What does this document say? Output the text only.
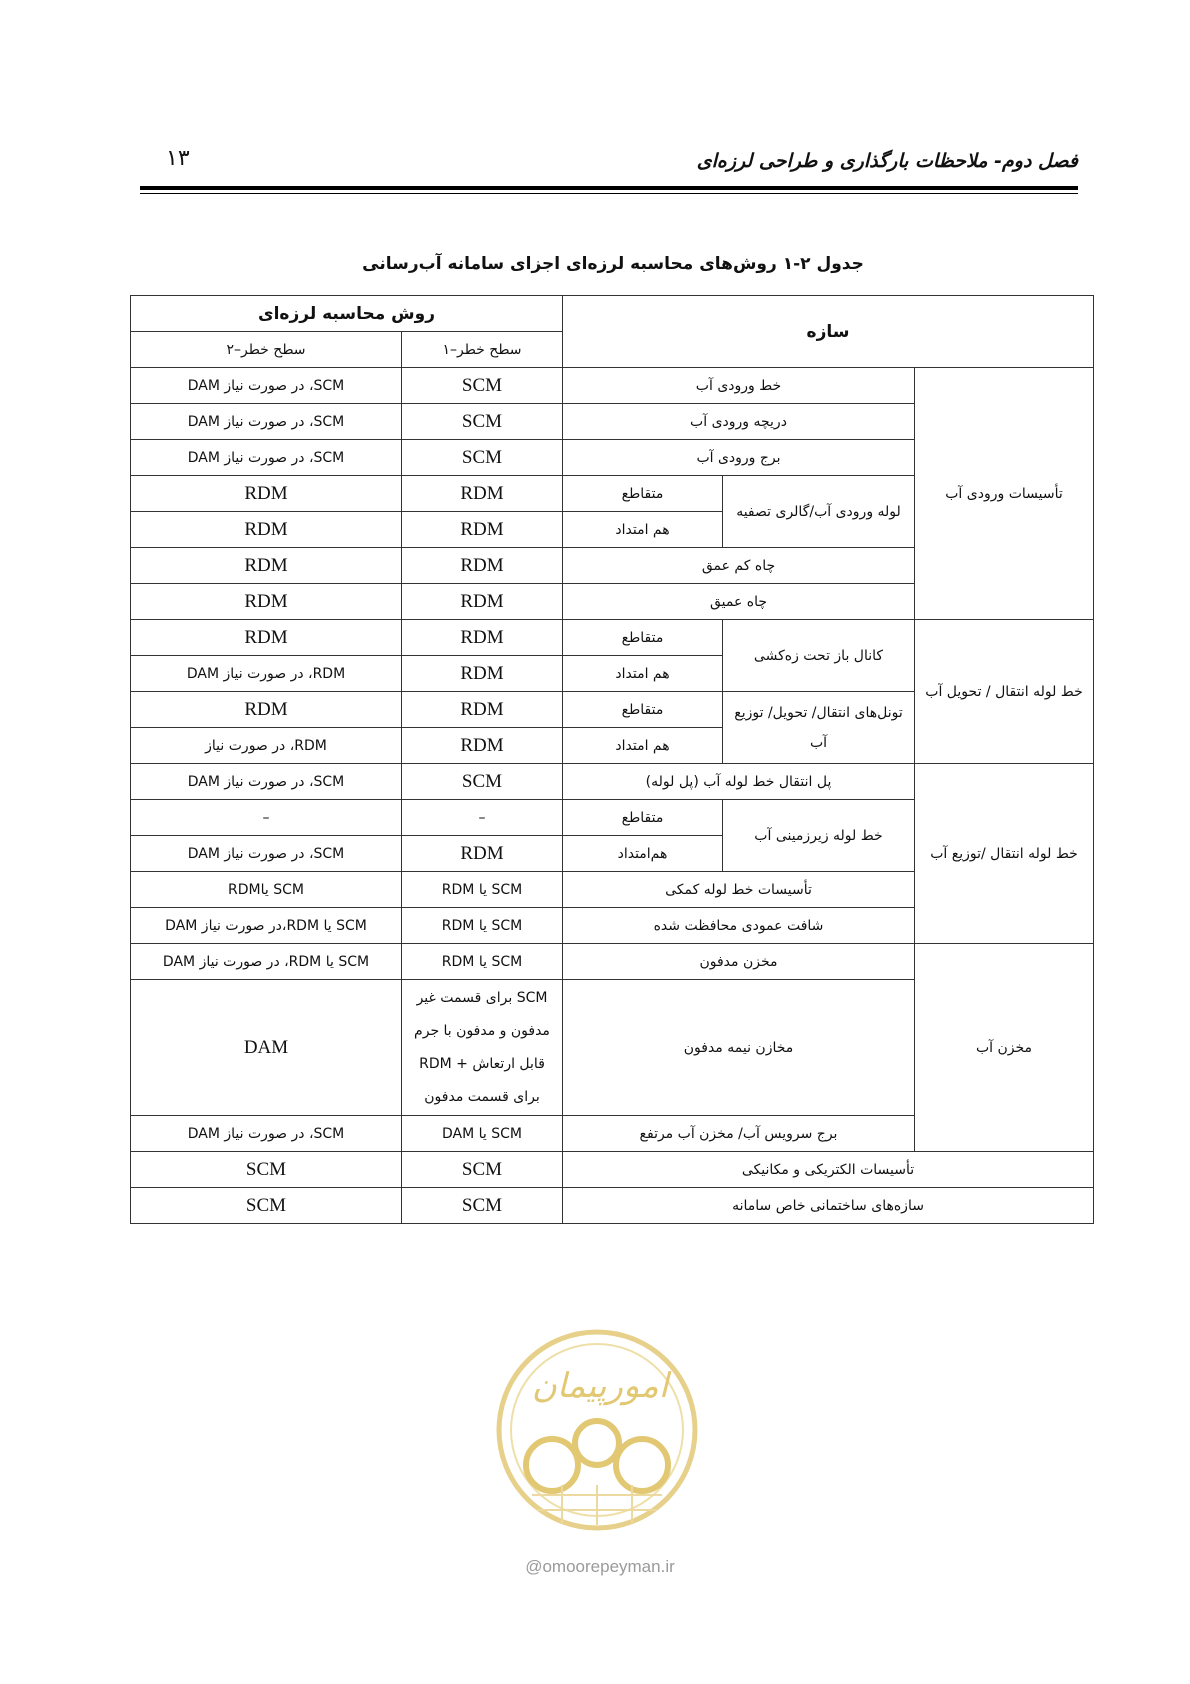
۱۳	فصل دوم- ملاحظات بارگذاری و طراحی لرزه‌ای
جدول ۲-۱ روش‌های محاسبه لرزه‌ای اجزای سامانه آب‌رسانی
روش محاسبه لرزه‌ای		سازه		
سطح خطر–۲	سطح خطر–۱			
SCM، در صورت نیاز DAM	SCM	خط ورودی آب		تأسیسات ورودی آب
SCM، در صورت نیاز DAM	SCM	دریچه ورودی آب		
SCM، در صورت نیاز DAM	SCM	برج ورودی آب		
RDM	RDM	متقاطع	لوله ورودی آب/گالری تصفیه	
RDM	RDM	هم امتداد		
RDM	RDM	چاه کم عمق		
RDM	RDM	چاه عمیق		
RDM	RDM	متقاطع	کانال باز تحت زه‌کشی	خط لوله انتقال / تحویل آب
RDM، در صورت نیاز DAM	RDM	هم امتداد		
RDM	RDM	متقاطع	تونل‌های انتقال/ تحویل/ توزیع آب	
RDM، در صورت نیاز	RDM	هم امتداد		
SCM، در صورت نیاز DAM	SCM	پل انتقال خط لوله آب (پل لوله)		خط لوله انتقال /توزیع آب
–	–	متقاطع	خط لوله زیرزمینی آب	
SCM، در صورت نیاز DAM	RDM	هم‌امتداد		
SCM یاRDM	SCM یا RDM	تأسیسات خط لوله کمکی		
SCM یا RDM،در صورت نیاز DAM	SCM یا RDM	شافت عمودی محافظت شده		
SCM یا RDM، در صورت نیاز DAM	SCM یا RDM	مخزن مدفون		مخزن آب
DAM	SCM برای قسمت غیر
مدفون و مدفون با جرم
قابل ارتعاش + RDM
برای قسمت مدفون	مخازن نیمه مدفون		
SCM، در صورت نیاز DAM	SCM یا DAM	برج سرویس آب/ مخزن آب مرتفع		
SCM	SCM	تأسیسات الکتریکی و مکانیکی		
SCM	SCM	سازه‌های ساختمانی خاص سامانه		
امورپیمان
@omoorepeyman.ir
